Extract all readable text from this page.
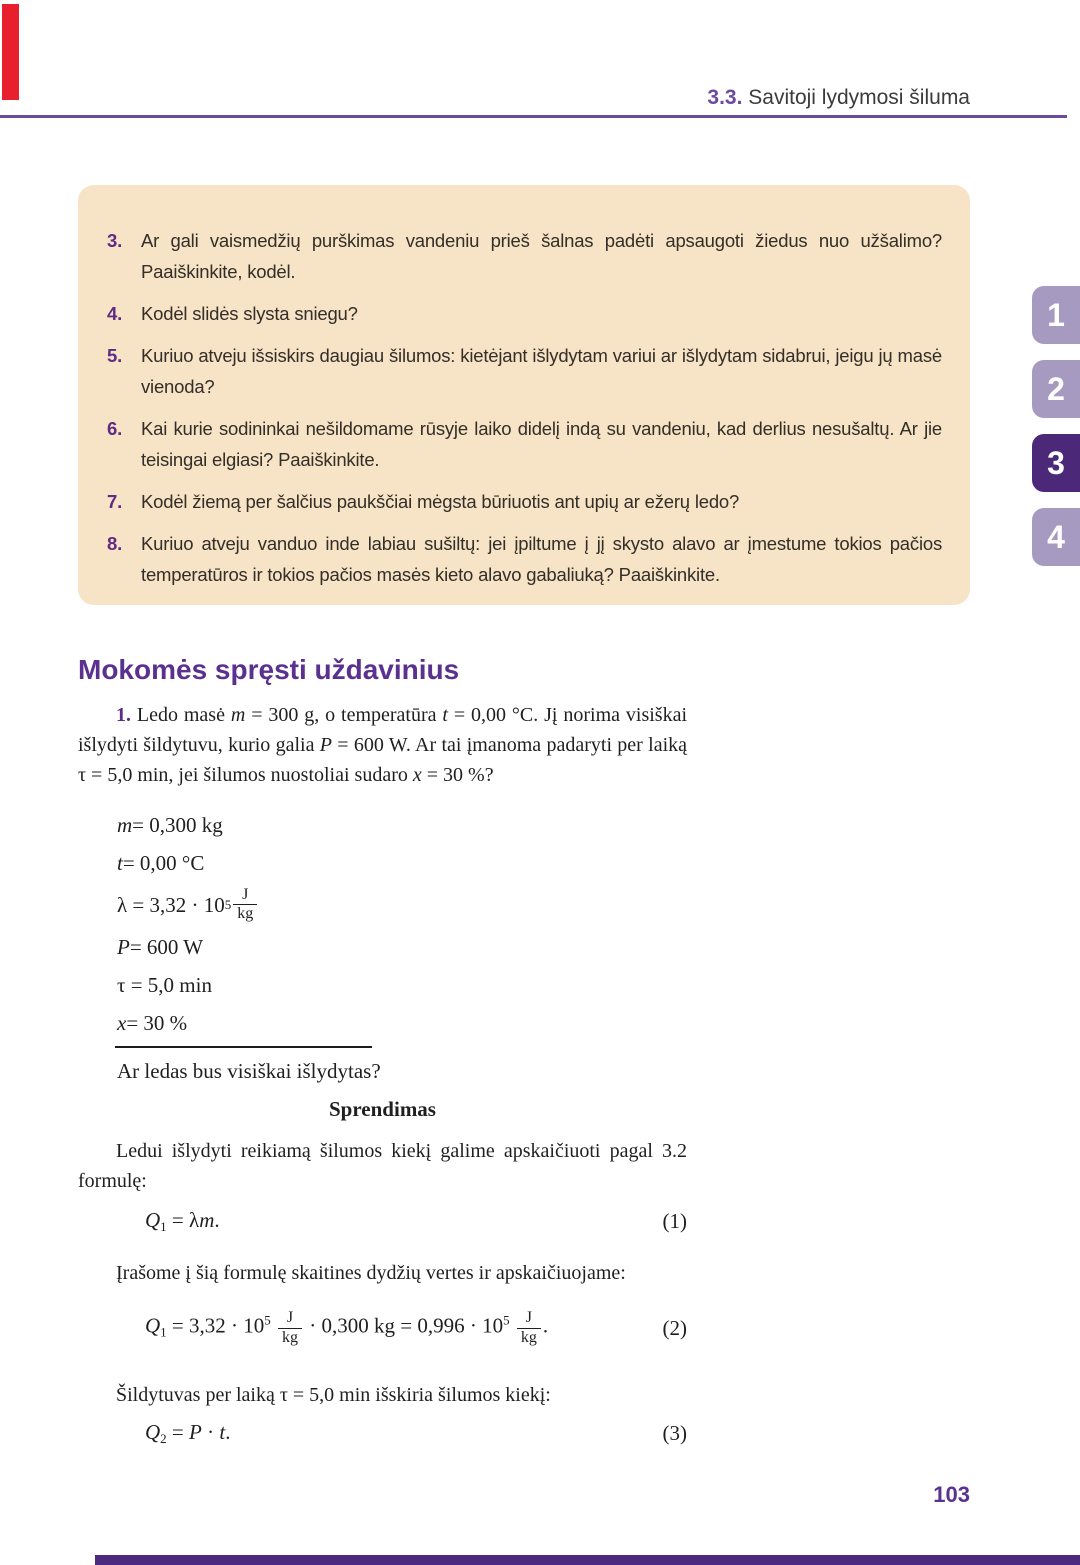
3.3. Savitoji lydymosi šiluma
3.	Ar gali vaismedžių purškimas vandeniu prieš šalnas padėti apsaugoti žiedus nuo užšalimo? Paaiškinkite, kodėl.
4.	Kodėl slidės slysta sniegu?
5.	Kuriuo atveju išsiskirs daugiau šilumos: kietėjant išlydytam variui ar išlydytam sidabrui, jeigu jų masė vienoda?
6.	Kai kurie sodininkai nešildomame rūsyje laiko didelį indą su vandeniu, kad derlius nesušaltų. Ar jie teisingai elgiasi? Paaiškinkite.
7.	Kodėl žiemą per šalčius paukščiai mėgsta būriuotis ant upių ar ežerų ledo?
8.	Kuriuo atveju vanduo inde labiau sušiltų: jei įpiltume į jį skysto alavo ar įmestume tokios pačios temperatūros ir tokios pačios masės kieto alavo gabaliuką? Paaiškinkite.
1
2
3
4
Mokomės spręsti uždavinius
1. Ledo masė m = 300 g, o temperatūra t = 0,00 °C. Jį norima visiškai išlydyti šildytuvu, kurio galia P = 600 W. Ar tai įmanoma padaryti per laiką τ = 5,0 min, jei šilumos nuostoliai sudaro x = 30 %?
m = 0,300 kg
t = 0,00 °C
λ = 3,32 · 10 $5 \frac{J}{kg}$
P = 600 W
τ = 5,0 min
x = 30 %
Ar ledas bus visiškai išlydytas?
Sprendimas
Ledui išlydyti reikiamą šilumos kiekį galime apskaičiuoti pagal 3.2 formulę:
Q1 = λm.	(1)
Įrašome į šią formulę skaitines dydžių vertes ir apskaičiuojame:
$Q1 = 3,32 \cdot 10^5 \frac{J}{kg} \cdot 0,300$ kg = $0,996 \cdot 10^5 \frac{J}{kg}$ .	(2)
Šildytuvas per laiką τ = 5,0 min išskiria šilumos kiekį:
Q2 = P · t.	(3)
103
